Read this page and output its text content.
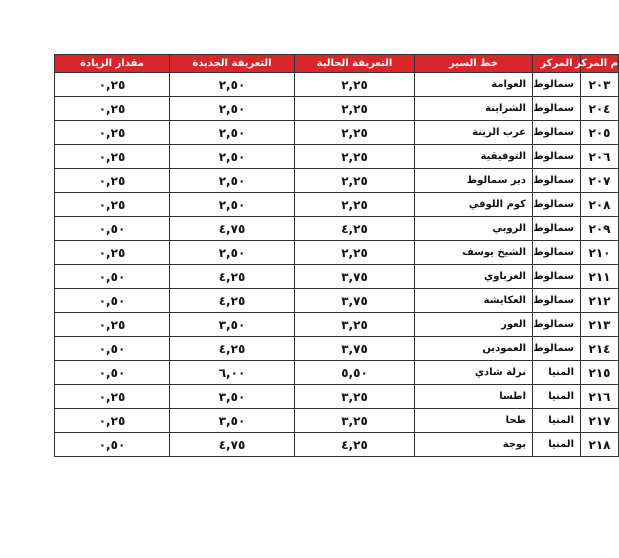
م المركز	المركز	خط السير	التعريفة الحالية	التعريفة الجديدة	مقدار الزيادة
٢٠٣	سمالوط	العوامة	٢,٢٥	٢,٥٠	٠,٢٥
٢٠٤	سمالوط	الشراينة	٢,٢٥	٢,٥٠	٠,٢٥
٢٠٥	سمالوط	عرب الزينة	٢,٢٥	٢,٥٠	٠,٢٥
٢٠٦	سمالوط	التوفيقية	٢,٢٥	٢,٥٠	٠,٢٥
٢٠٧	سمالوط	دير سمالوط	٢,٢٥	٢,٥٠	٠,٢٥
٢٠٨	سمالوط	كوم اللوفي	٢,٢٥	٢,٥٠	٠,٢٥
٢٠٩	سمالوط	الروبي	٤,٢٥	٤,٧٥	٠,٥٠
٢١٠	سمالوط	الشيخ يوسف	٢,٢٥	٢,٥٠	٠,٢٥
٢١١	سمالوط	الغرباوي	٣,٧٥	٤,٢٥	٠,٥٠
٢١٢	سمالوط	العكايشة	٣,٧٥	٤,٢٥	٠,٥٠
٢١٣	سمالوط	العور	٣,٢٥	٣,٥٠	٠,٢٥
٢١٤	سمالوط	العمودين	٣,٧٥	٤,٢٥	٠,٥٠
٢١٥	المنيا	نزلة شادي	٥,٥٠	٦,٠٠	٠,٥٠
٢١٦	المنيا	اطسا	٣,٢٥	٣,٥٠	٠,٢٥
٢١٧	المنيا	طحا	٣,٢٥	٣,٥٠	٠,٢٥
٢١٨	المنيا	بوجة	٤,٢٥	٤,٧٥	٠,٥٠
